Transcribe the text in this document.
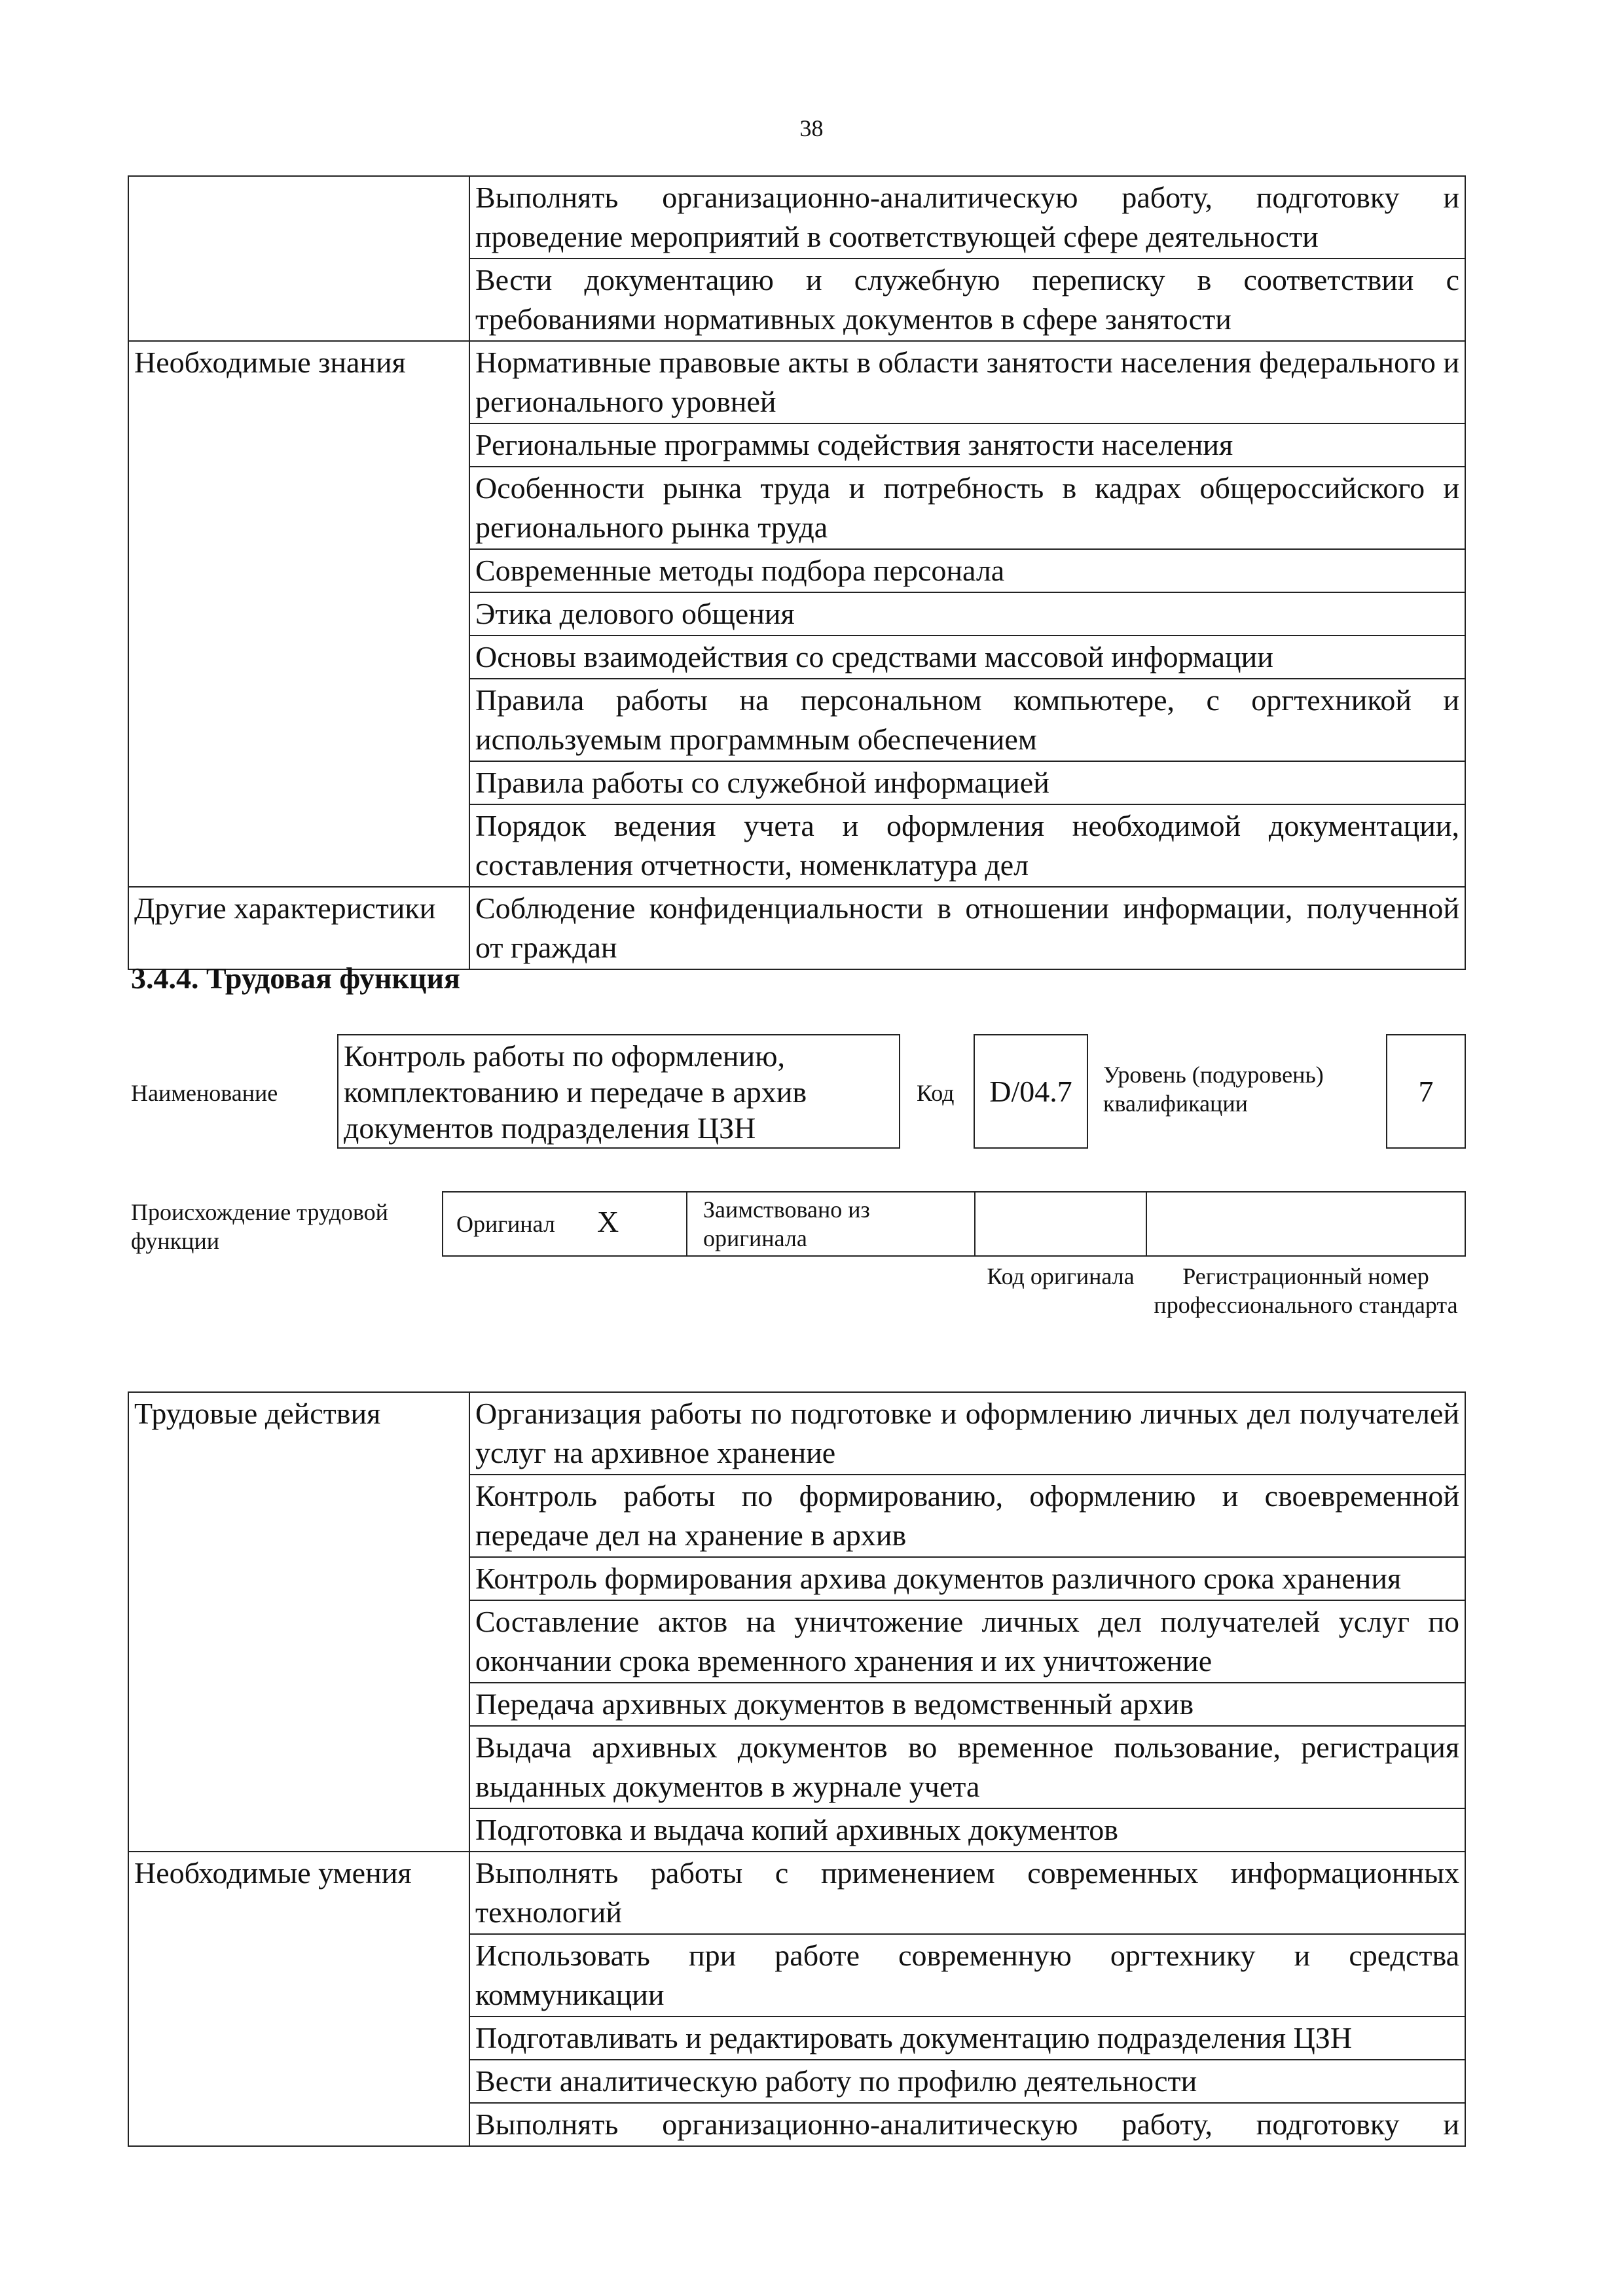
38
	Выполнять организационно-аналитическую работу, подготовку и проведение мероприятий в соответствующей сфере деятельности
	Вести документацию и служебную переписку в соответствии с требованиями нормативных документов в сфере занятости
Необходимые знания	Нормативные правовые акты в области занятости населения федерального и регионального уровней
	Региональные программы содействия занятости населения
	Особенности рынка труда и потребность в кадрах общероссийского и регионального рынка труда
	Современные методы подбора персонала
	Этика делового общения
	Основы взаимодействия со средствами массовой информации
	Правила работы на персональном компьютере, с оргтехникой и используемым программным обеспечением
	Правила работы со служебной информацией
	Порядок ведения учета и оформления необходимой документации, составления отчетности, номенклатура дел
Другие характеристики	Соблюдение конфиденциальности в отношении информации, полученной от граждан
3.4.4. Трудовая функция
Наименование
Контроль работы по оформлению, комплектованию и передаче в архив документов подразделения ЦЗН
Код	D/04.7	Уровень (подуровень) квалификации	7
Происхождение трудовой функции
Оригинал X	Заимствовано из оригинала
Код оригинала	Регистрационный номер профессионального стандарта
Трудовые действия	Организация работы по подготовке и оформлению личных дел получателей услуг на архивное хранение
	Контроль работы по формированию, оформлению и своевременной передаче дел на хранение в архив
	Контроль формирования архива документов различного срока хранения
	Составление актов на уничтожение личных дел получателей услуг по окончании срока временного хранения и их уничтожение
	Передача архивных документов в ведомственный архив
	Выдача архивных документов во временное пользование, регистрация выданных документов в журнале учета
	Подготовка и выдача копий архивных документов
Необходимые умения	Выполнять работы с применением современных информационных технологий
	Использовать при работе современную оргтехнику и средства коммуникации
	Подготавливать и редактировать документацию подразделения ЦЗН
	Вести аналитическую работу по профилю деятельности
	Выполнять организационно-аналитическую работу, подготовку и
